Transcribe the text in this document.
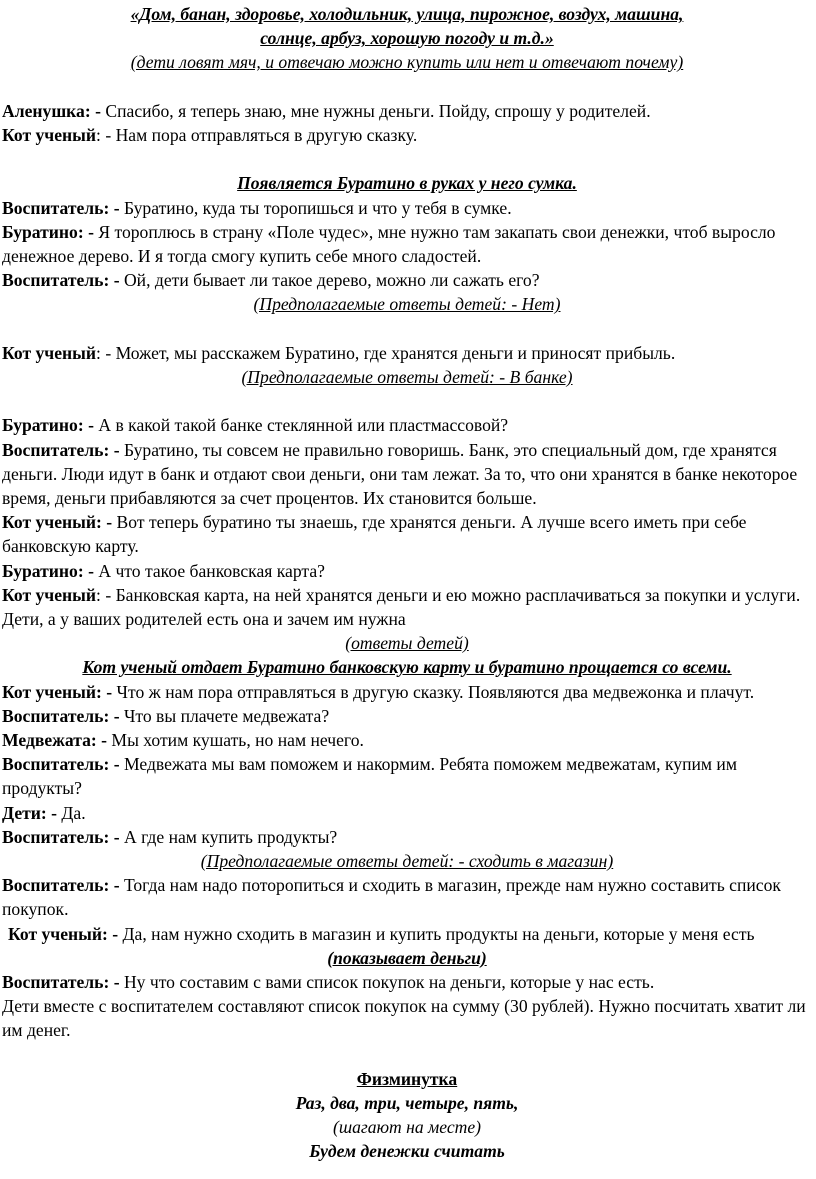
«Дом, банан, здоровье, холодильник, улица, пирожное, воздух, машина,
солнце, арбуз, хорошую погоду и т.д.»
(дети ловят мяч, и отвечаю можно купить или нет и отвечают почему)
Аленушка: - Спасибо, я теперь знаю, мне нужны деньги. Пойду, спрошу у родителей.
Кот ученый: - Нам пора отправляться в другую сказку.
Появляется Буратино в руках у него сумка.
Воспитатель: - Буратино, куда ты торопишься и что у тебя в сумке.
Буратино: - Я тороплюсь в страну «Поле чудес», мне нужно там закапать свои денежки, чтоб выросло денежное дерево. И я тогда смогу купить себе много сладостей.
Воспитатель: - Ой, дети бывает ли такое дерево, можно ли сажать его?
(Предполагаемые ответы детей: - Нет)
Кот ученый: - Может, мы расскажем Буратино, где хранятся деньги и приносят прибыль.
(Предполагаемые ответы детей: - В банке)
Буратино: - А в какой такой банке стеклянной или пластмассовой?
Воспитатель: - Буратино, ты совсем не правильно говоришь. Банк, это специальный дом, где хранятся деньги. Люди идут в банк и отдают свои деньги, они там лежат. За то, что они хранятся в банке некоторое время, деньги прибавляются за счет процентов. Их становится больше.
Кот ученый: - Вот теперь буратино ты знаешь, где хранятся деньги. А лучше всего иметь при себе банковскую карту.
Буратино: - А что такое банковская карта?
Кот ученый: - Банковская карта, на ней хранятся деньги и ею можно расплачиваться за покупки и услуги. Дети, а у ваших родителей есть она и зачем им нужна
(ответы детей)
Кот ученый отдает Буратино банковскую карту и буратино прощается со всеми.
Кот ученый: - Что ж нам пора отправляться в другую сказку. Появляются два медвежонка и плачут.
Воспитатель: - Что вы плачете медвежата?
Медвежата: - Мы хотим кушать, но нам нечего.
Воспитатель: - Медвежата мы вам поможем и накормим. Ребята поможем медвежатам, купим им продукты?
Дети: - Да.
Воспитатель: - А где нам купить продукты?
(Предполагаемые ответы детей: - сходить в магазин)
Воспитатель: - Тогда нам надо поторопиться и сходить в магазин, прежде нам нужно составить список покупок.
Кот ученый: - Да, нам нужно сходить в магазин и купить продукты на деньги, которые у меня есть
(показывает деньги)
Воспитатель: - Ну что составим с вами список покупок на деньги, которые у нас есть.
Дети вместе с воспитателем составляют список покупок на сумму (30 рублей). Нужно посчитать хватит ли им денег.
Физминутка
Раз, два, три, четыре, пять,
(шагают на месте)
Будем денежки считать
